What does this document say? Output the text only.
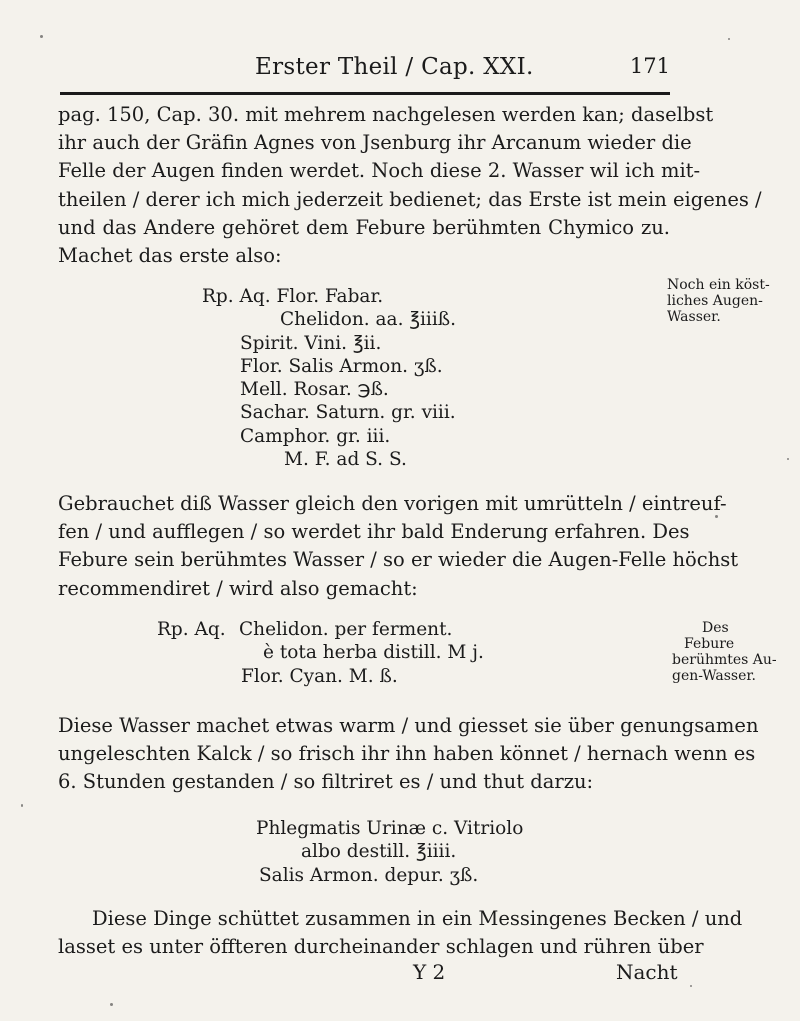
Erster Theil / Cap. XXI.	171
pag. 150, Cap. 30. mit mehrem nachgelesen werden kan; daselbst
ihr auch der Gräfin Agnes von Jsenburg ihr Arcanum wieder die
Felle der Augen finden werdet. Noch diese 2. Wasser wil ich mit-
theilen / derer ich mich jederzeit bedienet; das Erste ist mein eigenes /
und das Andere gehöret dem Febure berühmten Chymico zu.
Machet das erste also:
Rp. Aq. Flor. Fabar.
Chelidon. aa. ℥iiiß.
Spirit. Vini. ℥ii.
Flor. Salis Armon. ʒß.
Mell. Rosar. ℈ß.
Sachar. Saturn. gr. viii.
Camphor. gr. iii.
M. F. ad S. S.
Noch ein köst-
liches Augen-
Wasser.
Gebrauchet diß Wasser gleich den vorigen mit umrütteln / eintreuf-
fen / und aufflegen / so werdet ihr bald Enderung erfahren. Des
Febure sein berühmtes Wasser / so er wieder die Augen-Felle höchst
recommendiret / wird also gemacht:
Rp. Aq. Chelidon. per ferment.
è tota herba distill. M j.
Flor. Cyan. M. ß.
Des
Febure
berühmtes Au-
gen-Wasser.
Diese Wasser machet etwas warm / und giesset sie über genungsamen
ungeleschten Kalck / so frisch ihr ihn haben könnet / hernach wenn es
6. Stunden gestanden / so filtriret es / und thut darzu:
Phlegmatis Urinæ c. Vitriolo
albo destill. ℥iiii.
Salis Armon. depur. ʒß.
Diese Dinge schüttet zusammen in ein Messingenes Becken / und
lasset es unter öffteren durcheinander schlagen und rühren über
Y 2	Nacht
